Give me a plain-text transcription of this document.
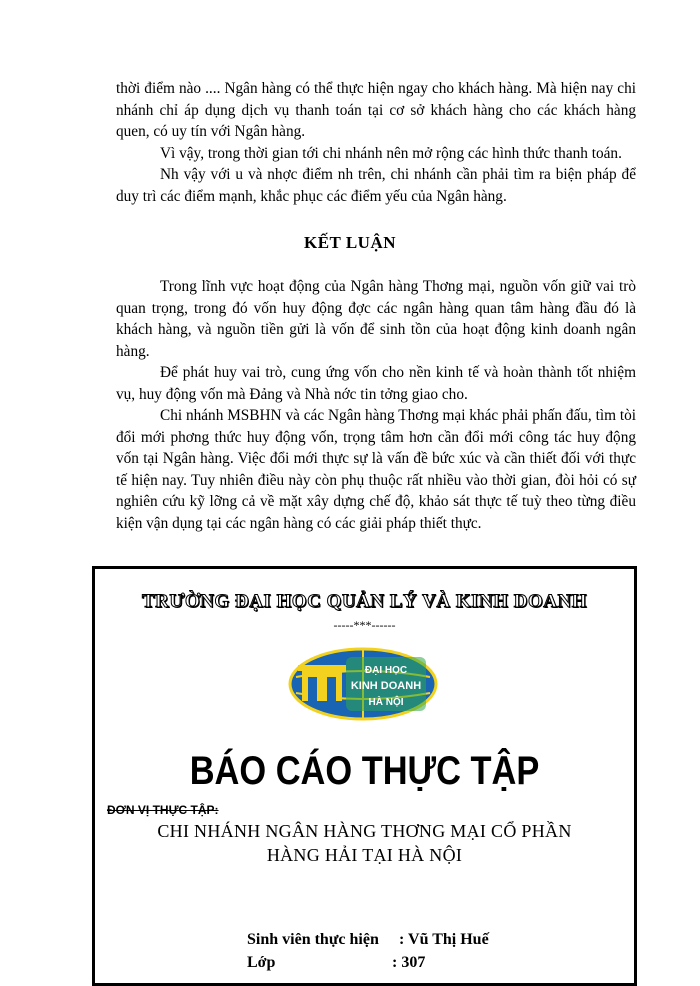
thời điểm nào .... Ngân hàng có thể thực hiện ngay cho khách hàng. Mà hiện nay chi nhánh chỉ áp dụng dịch vụ thanh toán tại cơ sở khách hàng cho các khách hàng quen, có uy tín với Ngân hàng.

Vì vậy, trong thời gian tới chi nhánh nên mở rộng các hình thức thanh toán.

Nh vậy với u và nhợc điểm nh trên, chi nhánh cần phải tìm ra biện pháp để duy trì các điểm mạnh, khắc phục các điểm yếu của Ngân hàng.

KẾT LUẬN

Trong lĩnh vực hoạt động của Ngân hàng Thơng mại, nguồn vốn giữ vai trò quan trọng, trong đó vốn huy động đợc các ngân hàng quan tâm hàng đầu đó là khách hàng, và nguồn tiền gửi là vốn để sinh tồn của hoạt động kinh doanh ngân hàng.

Để phát huy vai trò, cung ứng vốn cho nền kinh tế và hoàn thành tốt nhiệm vụ, huy động vốn mà Đảng và Nhà nớc tin tởng giao cho.

Chi nhánh MSBHN và các Ngân hàng Thơng mại khác phải phấn đấu, tìm tòi đổi mới phơng thức huy động vốn, trọng tâm hơn cần đổi mới công tác huy động vốn tại Ngân hàng. Việc đổi mới thực sự là vấn đề bức xúc và cần thiết đối với thực tế hiện nay. Tuy nhiên điều này còn phụ thuộc rất nhiều vào thời gian, đòi hỏi có sự nghiên cứu kỹ lỡng cả về mặt xây dựng chế độ, khảo sát thực tế tuỳ theo từng điều kiện vận dụng tại các ngân hàng có các giải pháp thiết thực.

TRƯỜNG ĐẠI HỌC QUẢN LÝ VÀ KINH DOANH
-----***------
ĐẠI HỌC
KINH DOANH
HÀ NỘI
BÁO CÁO THỰC TẬP
ĐƠN VỊ THỰC TẬP:
CHI NHÁNH NGÂN HÀNG THƠNG MẠI CỔ PHẦN
HÀNG HẢI TẠI HÀ NỘI
Sinh viên thực hiện : Vũ Thị Huế
Lớp	: 307
